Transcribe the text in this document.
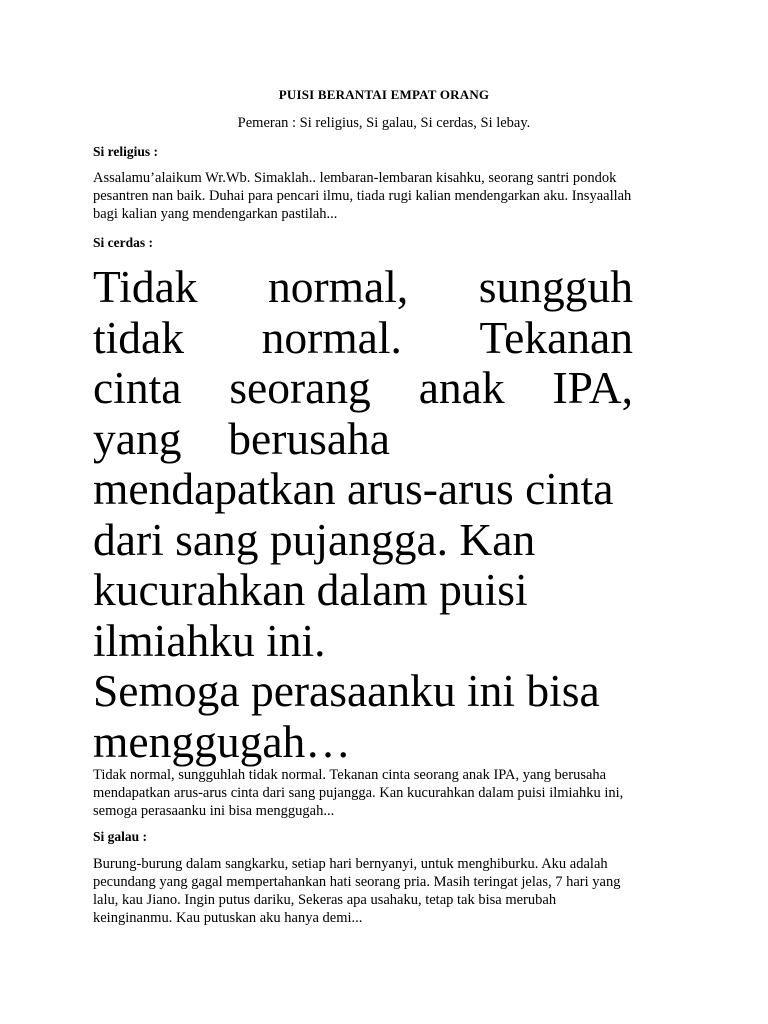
PUISI BERANTAI EMPAT ORANG
Pemeran : Si religius, Si galau, Si cerdas, Si lebay.
Si religius :
Assalamu’alaikum Wr.Wb. Simaklah.. lembaran-lembaran kisahku, seorang santri pondok
pesantren nan baik. Duhai para pencari ilmu, tiada rugi kalian mendengarkan aku. Insyaallah
bagi kalian yang mendengarkan pastilah...
Si cerdas :
Tidak normal, sungguh
tidak normal. Tekanan
cinta seorang anak IPA,
yang berusaha
mendapatkan arus-arus cinta
dari sang pujangga. Kan
kucurahkan dalam puisi
ilmiahku ini.
Semoga perasaanku ini bisa
menggugah…
Tidak normal, sungguhlah tidak normal. Tekanan cinta seorang anak IPA, yang berusaha
mendapatkan arus-arus cinta dari sang pujangga. Kan kucurahkan dalam puisi ilmiahku ini,
semoga perasaanku ini bisa menggugah...
Si galau :
Burung-burung dalam sangkarku, setiap hari bernyanyi, untuk menghiburku. Aku adalah
pecundang yang gagal mempertahankan hati seorang pria. Masih teringat jelas, 7 hari yang
lalu, kau Jiano. Ingin putus dariku, Sekeras apa usahaku, tetap tak bisa merubah
keinginanmu. Kau putuskan aku hanya demi...
